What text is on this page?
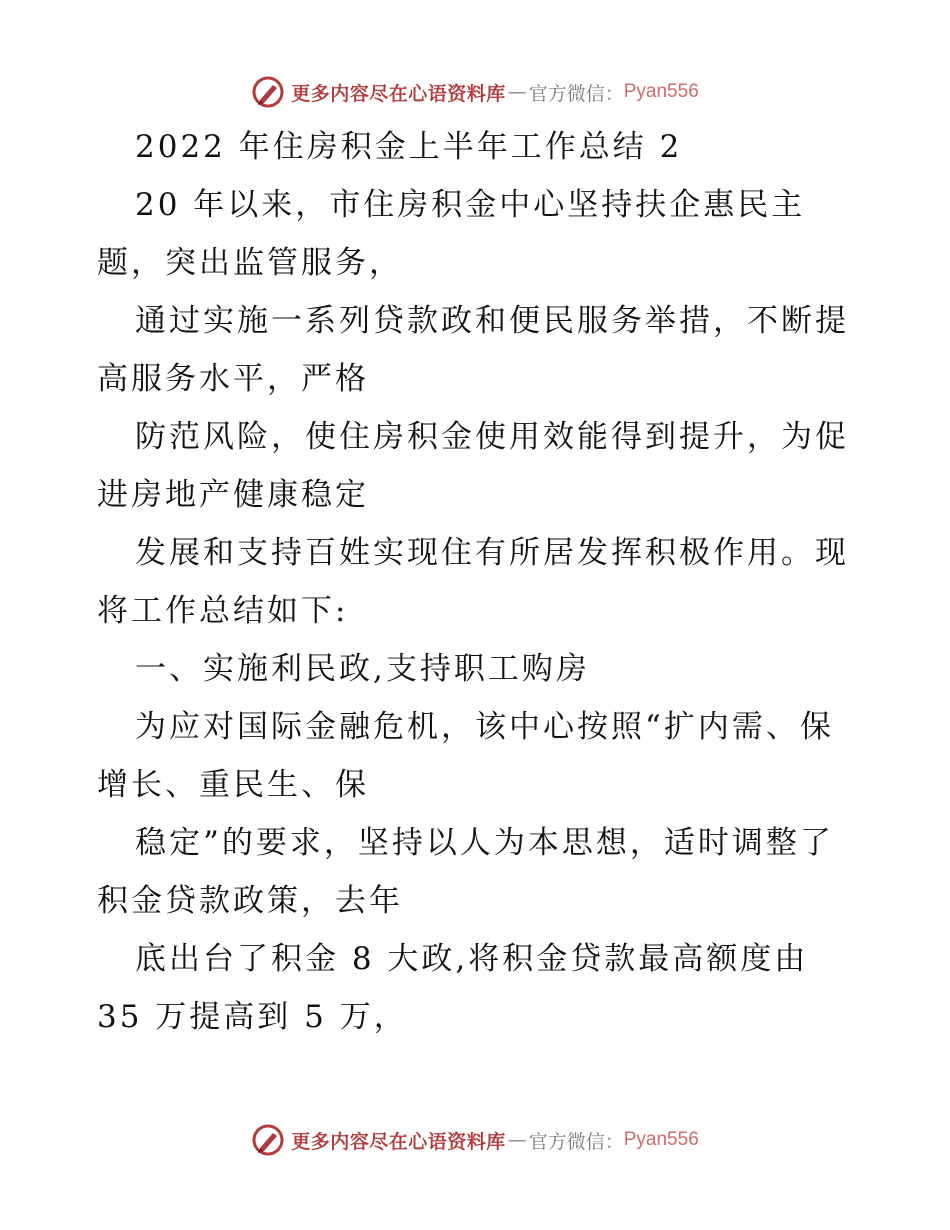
更多内容尽在心语资料库 — 官方微信： Pyan556
2022 年住房积金上半年工作总结 2
20 年以来，市住房积金中心坚持扶企惠民主
题，突出监管服务，
通过实施一系列贷款政和便民服务举措，不断提
高服务水平，严格
防范风险，使住房积金使用效能得到提升，为促
进房地产健康稳定
发展和支持百姓实现住有所居发挥积极作用。现
将工作总结如下:
一、实施利民政,支持职工购房
为应对国际金融危机，该中心按照“扩内需、保
增长、重民生、保
稳定”的要求，坚持以人为本思想，适时调整了
积金贷款政策，去年
底出台了积金 8 大政,将积金贷款最高额度由
35 万提高到 5 万，
更多内容尽在心语资料库 — 官方微信： Pyan556
